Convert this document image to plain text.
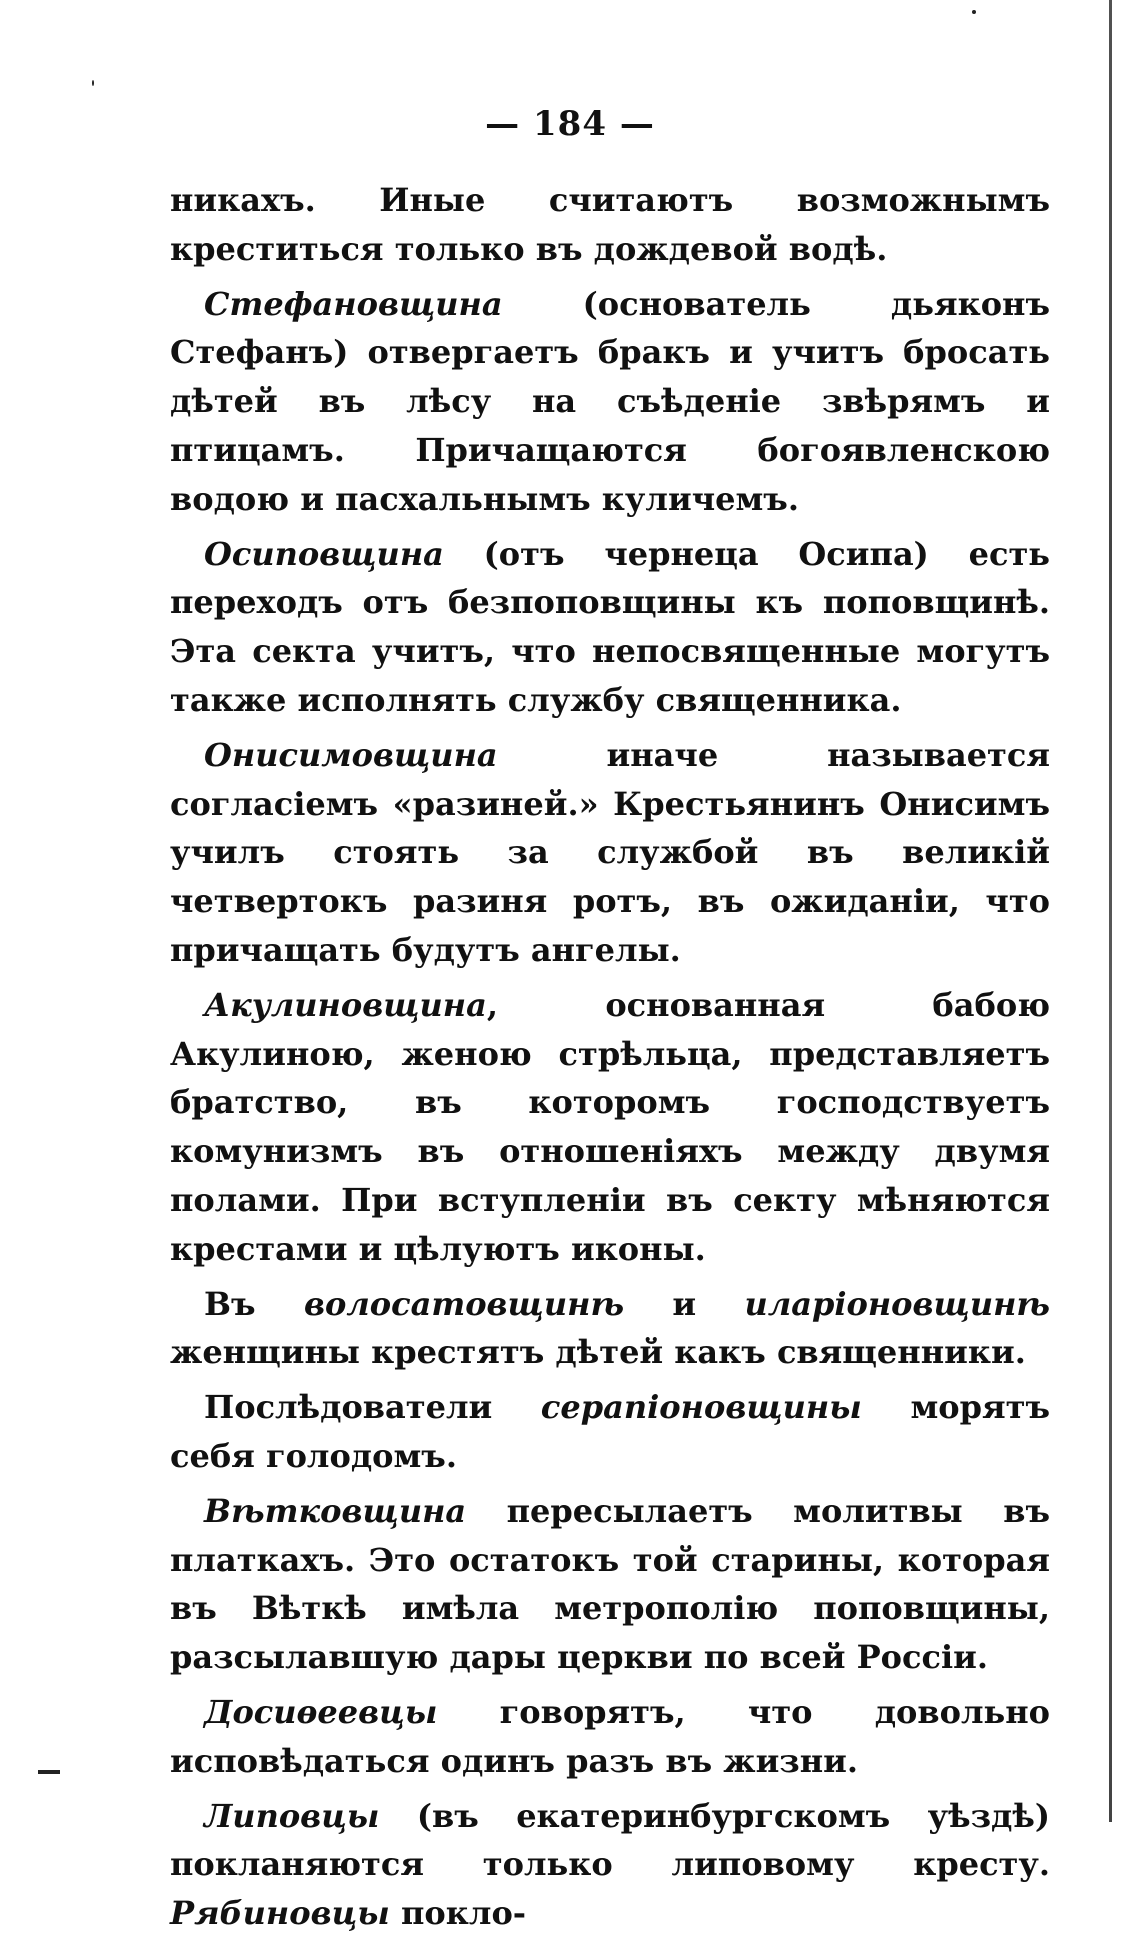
— 184 —

никахъ. Иные считаютъ возможнымъ креститься только въ дождевой водѣ.

Стефановщина (основатель дьяконъ Стефанъ) отвергаетъ бракъ и учитъ бросать дѣтей въ лѣсу на съѣденіе звѣрямъ и птицамъ. Причащаются богоявленскою водою и пасхальнымъ куличемъ.

Осиповщина (отъ чернеца Осипа) есть переходъ отъ безпоповщины къ поповщинѣ. Эта секта учитъ, что непосвященные могутъ также исполнять службу священника.

Онисимовщина иначе называется согласіемъ «разиней.» Крестьянинъ Онисимъ училъ стоять за службой въ великій четвертокъ разиня ротъ, въ ожиданіи, что причащать будутъ ангелы.

Акулиновщина, основанная бабою Акулиною, женою стрѣльца, представляетъ братство, въ которомъ господствуетъ комунизмъ въ отношеніяхъ между двумя полами. При вступленіи въ секту мѣняются крестами и цѣлуютъ иконы.

Въ волосатовщинѣ и иларіоновщинѣ женщины крестятъ дѣтей какъ священники.

Послѣдователи серапіоновщины морятъ себя голодомъ.

Вѣтковщина пересылаетъ молитвы въ платкахъ. Это остатокъ той старины, которая въ Вѣткѣ имѣла метрополію поповщины, разсылавшую дары церкви по всей Россіи.

Досиѳеевцы говорятъ, что довольно исповѣдаться одинъ разъ въ жизни.

Липовцы (въ екатеринбургскомъ уѣздѣ) покланяются только липовому кресту. Рябиновцы покло-
